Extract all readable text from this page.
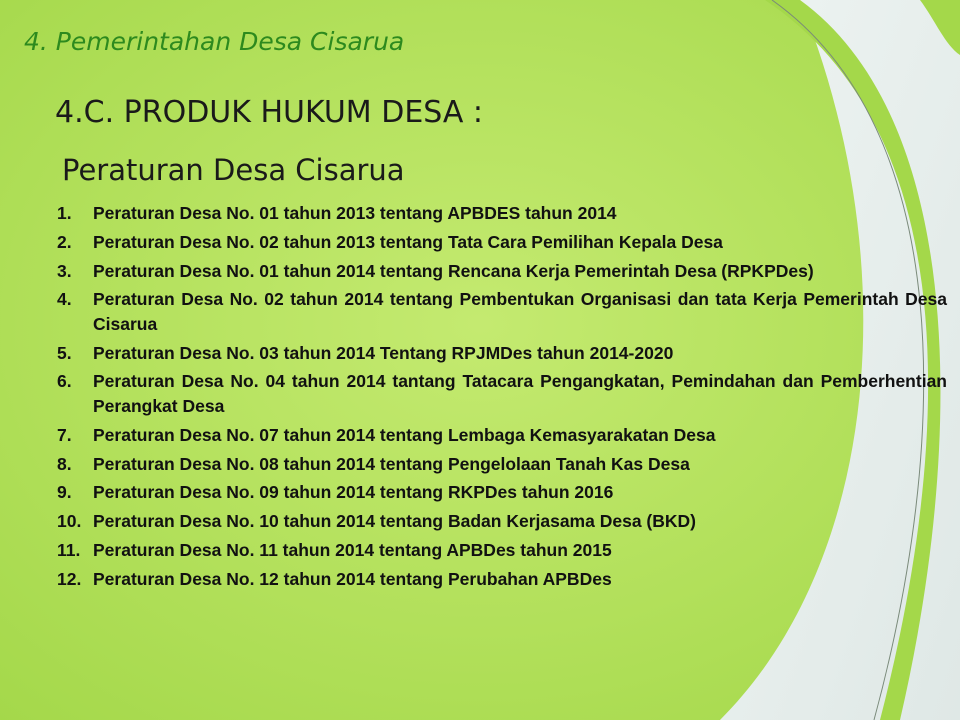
4. Pemerintahan Desa Cisarua
4.C. PRODUK HUKUM DESA :
Peraturan Desa Cisarua
1.	Peraturan Desa No. 01 tahun 2013 tentang APBDES tahun 2014
2.	Peraturan Desa No. 02 tahun 2013 tentang Tata Cara Pemilihan Kepala Desa
3.	Peraturan Desa No. 01 tahun 2014 tentang Rencana Kerja Pemerintah Desa (RPKPDes)
4.	Peraturan Desa No. 02 tahun 2014 tentang Pembentukan Organisasi dan tata Kerja Pemerintah Desa Cisarua
5.	Peraturan Desa No. 03 tahun 2014 Tentang RPJMDes tahun 2014-2020
6.	Peraturan Desa No. 04 tahun 2014 tantang Tatacara Pengangkatan, Pemindahan dan Pemberhentian Perangkat Desa
7.	Peraturan Desa No. 07 tahun 2014 tentang Lembaga Kemasyarakatan Desa
8.	Peraturan Desa No. 08 tahun 2014 tentang Pengelolaan Tanah Kas Desa
9.	Peraturan Desa No. 09 tahun 2014 tentang RKPDes tahun 2016
10. Peraturan Desa No. 10 tahun 2014 tentang Badan Kerjasama Desa (BKD)
11. Peraturan Desa No. 11 tahun 2014 tentang APBDes tahun 2015
12. Peraturan Desa No. 12 tahun 2014 tentang Perubahan APBDes
